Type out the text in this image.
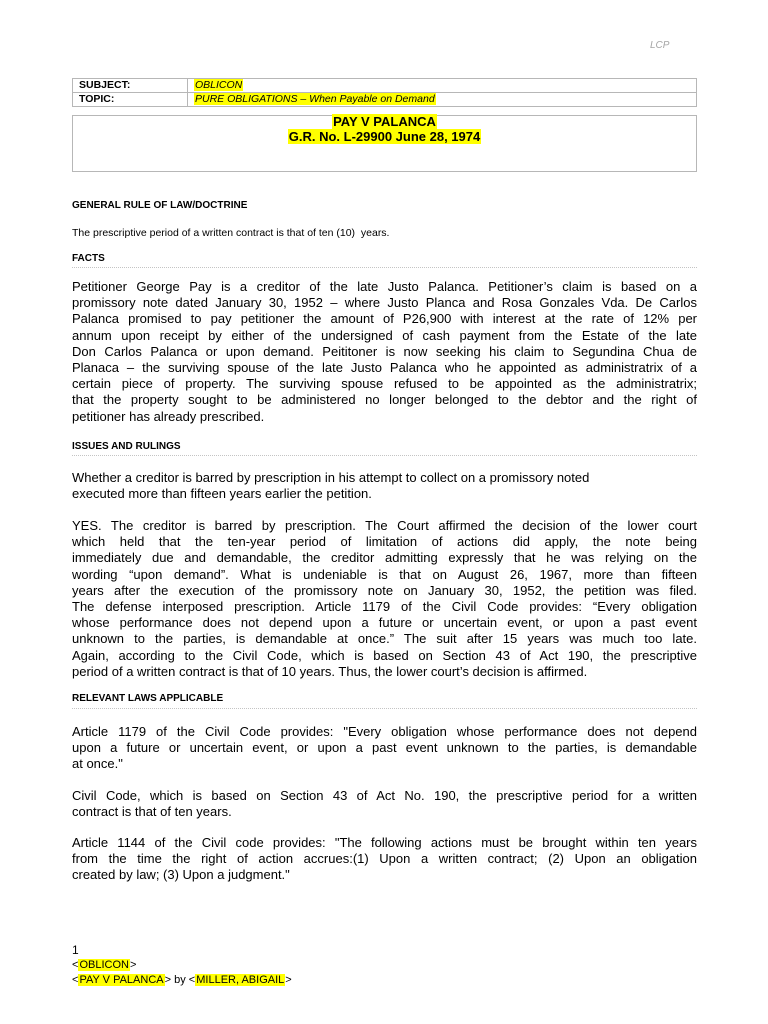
LCP
SUBJECT:	OBLICON
TOPIC:	PURE OBLIGATIONS – When Payable on Demand
PAY V PALANCA
G.R. No. L-29900 June 28, 1974
GENERAL RULE OF LAW/DOCTRINE
The prescriptive period of a written contract is that of ten (10)  years.
FACTS
Petitioner George Pay is a creditor of the late Justo Palanca. Petitioner’s claim is based on a
promissory note dated January 30, 1952 – where Justo Planca and Rosa Gonzales Vda. De Carlos
Palanca promised to pay petitioner the amount of P26,900 with interest at the rate of 12% per
annum upon receipt by either of the undersigned of cash payment from the Estate of the late
Don Carlos Palanca or upon demand. Peititoner is now seeking his claim to Segundina Chua de
Planaca – the surviving spouse of the late Justo Palanca who he appointed as administratrix of a
certain piece of property. The surviving spouse refused to be appointed as the administratrix;
that the property sought to be administered no longer belonged to the debtor and the right of
petitioner has already prescribed.
ISSUES AND RULINGS
Whether a creditor is barred by prescription in his attempt to collect on a promissory noted
executed more than fifteen years earlier the petition.
YES. The creditor is barred by prescription. The Court affirmed the decision of the lower court
which held that the ten-year period of limitation of actions did apply, the note being
immediately due and demandable, the creditor admitting expressly that he was relying on the
wording “upon demand”. What is undeniable is that on August 26, 1967, more than fifteen
years after the execution of the promissory note on January 30, 1952, the petition was filed.
The defense interposed prescription. Article 1179 of the Civil Code provides: “Every obligation
whose performance does not depend upon a future or uncertain event, or upon a past event
unknown to the parties, is demandable at once.” The suit after 15 years was much too late.
Again, according to the Civil Code, which is based on Section 43 of Act 190, the prescriptive
period of a written contract is that of 10 years. Thus, the lower court’s decision is affirmed.
RELEVANT LAWS APPLICABLE
Article 1179 of the Civil Code provides: "Every obligation whose performance does not depend
upon a future or uncertain event, or upon a past event unknown to the parties, is demandable
at once."
Civil Code, which is based on Section 43 of Act No. 190, the prescriptive period for a written
contract is that of ten years.
Article 1144 of the Civil code provides: "The following actions must be brought within ten years
from the time the right of action accrues:(1) Upon a written contract; (2) Upon an obligation
created by law; (3) Upon a judgment."
1
<OBLICON>
<PAY V PALANCA> by <MILLER, ABIGAIL>
